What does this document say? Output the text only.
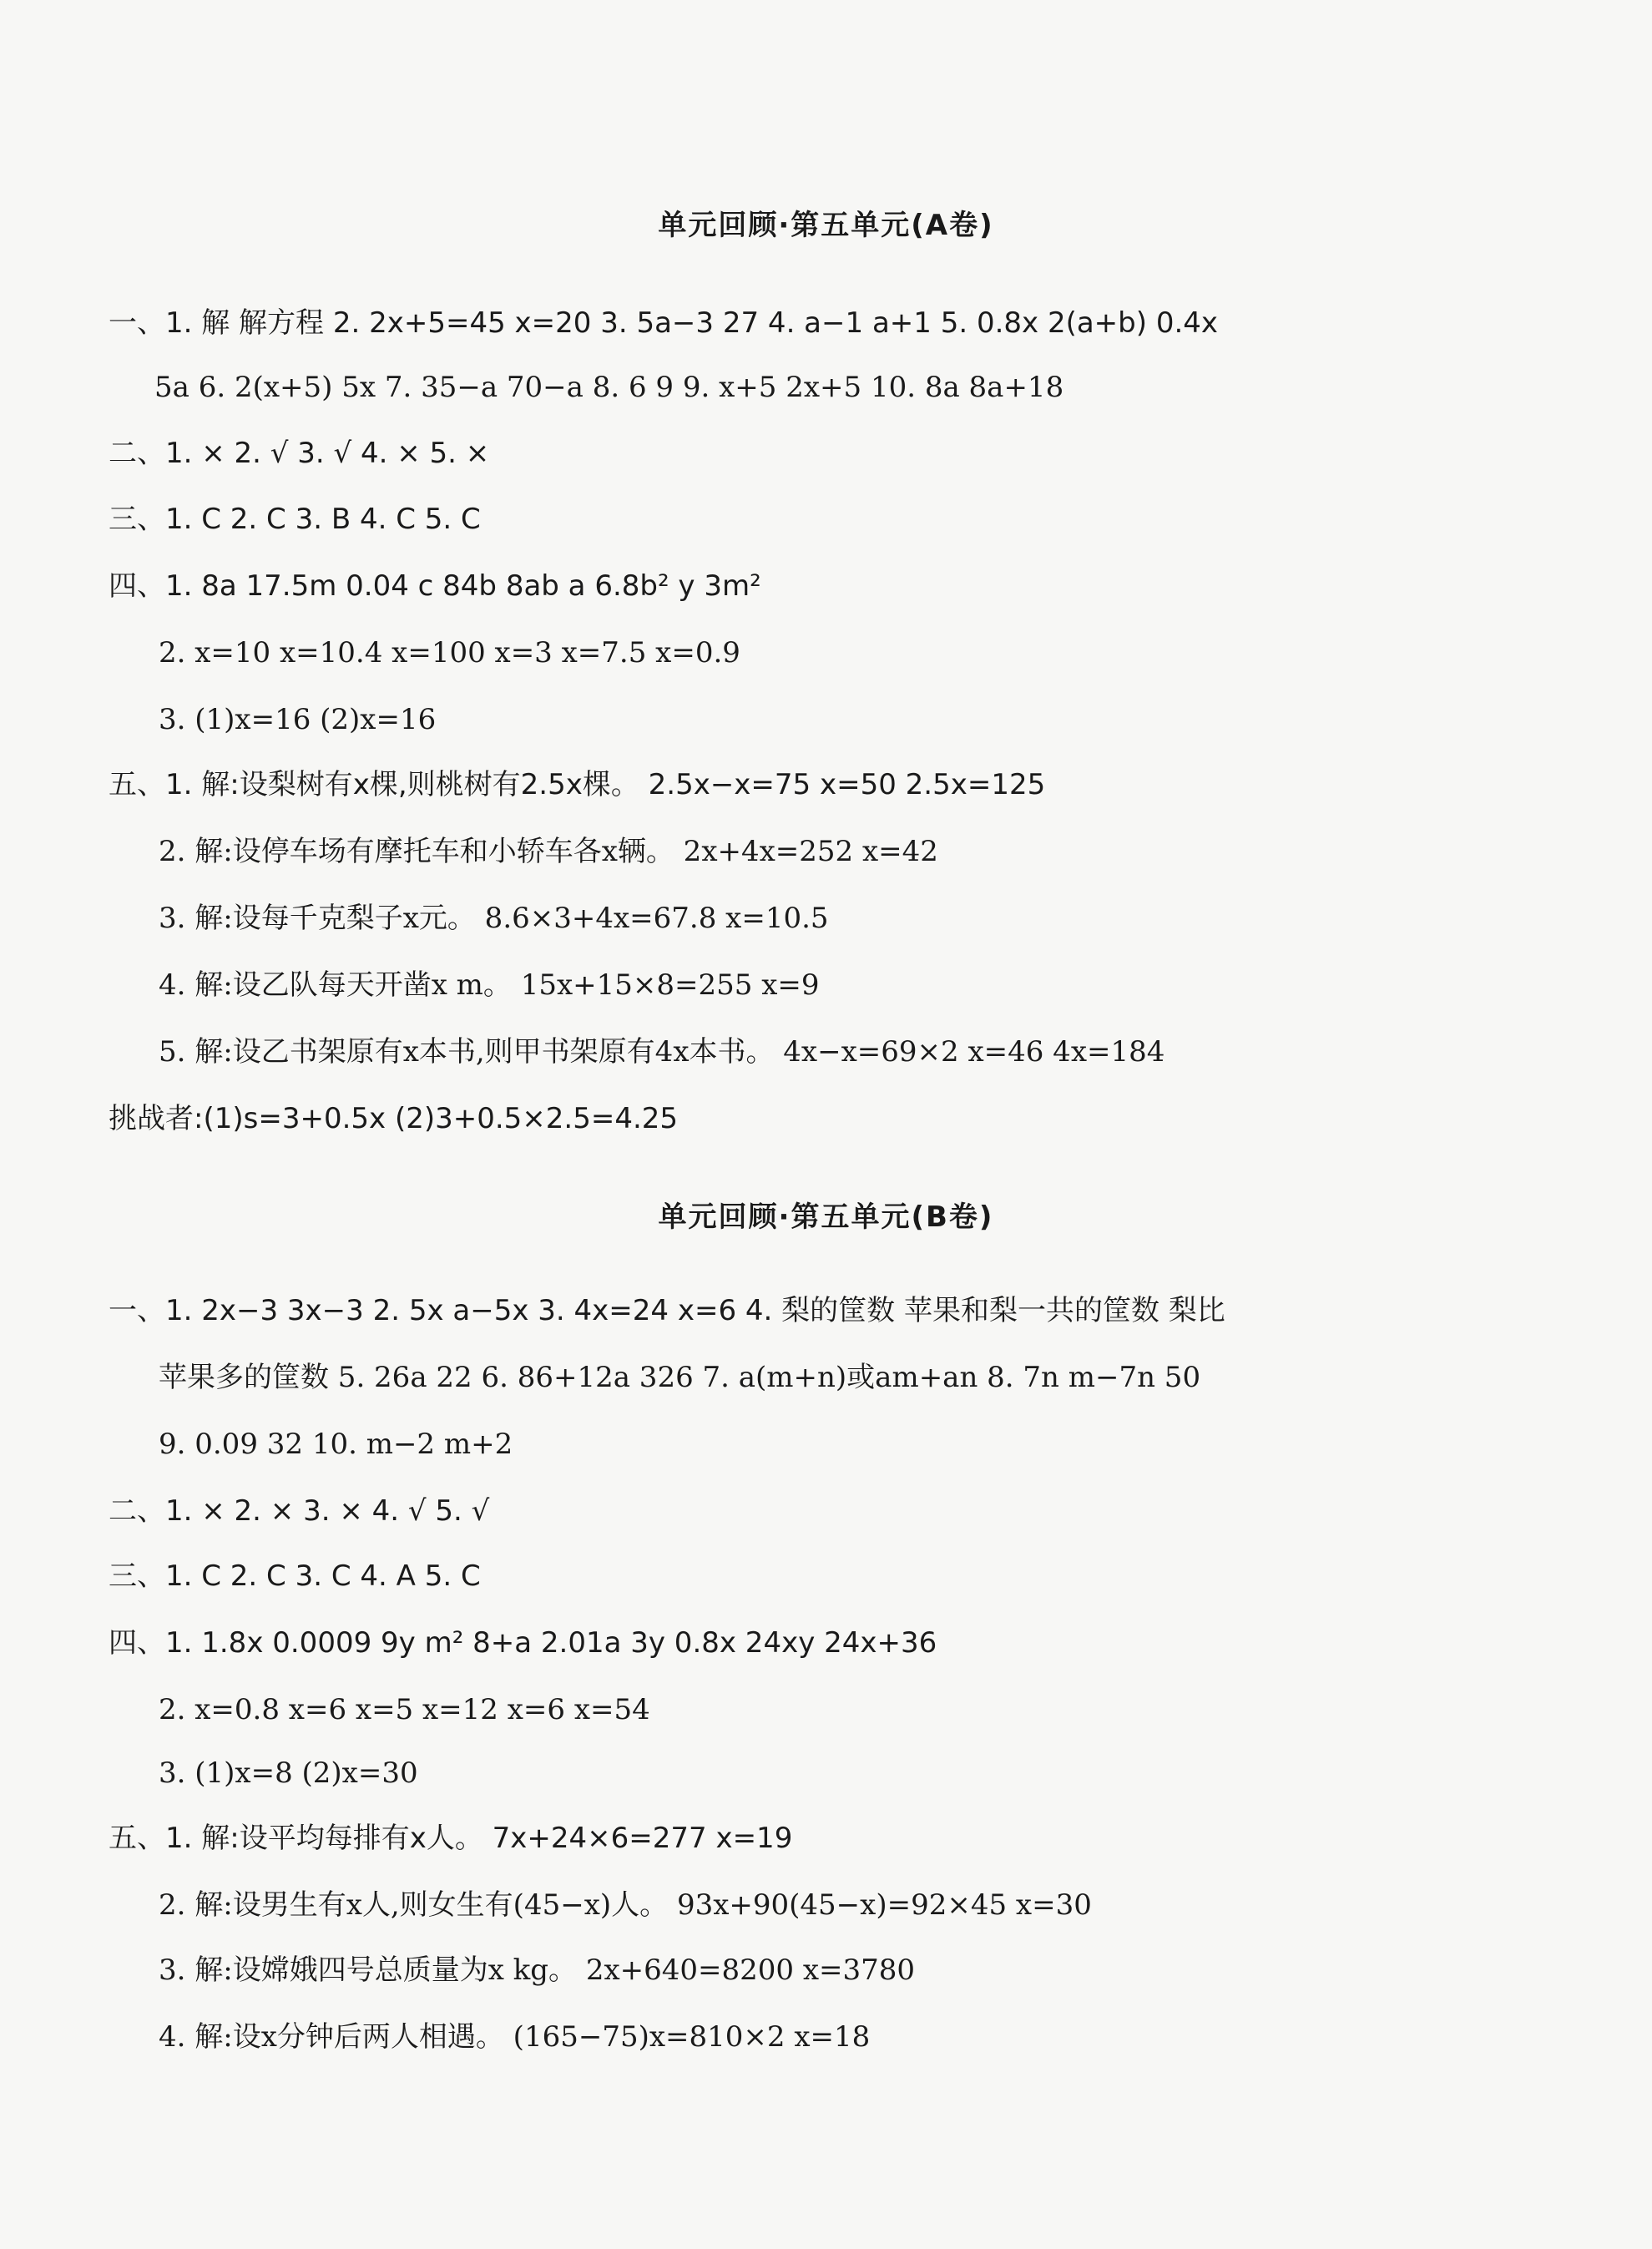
单元回顾·第五单元(A卷)
一、1. 解 解方程 2. 2x+5=45 x=20 3. 5a−3 27 4. a−1 a+1 5. 0.8x 2(a+b) 0.4x
5a 6. 2(x+5) 5x 7. 35−a 70−a 8. 6 9 9. x+5 2x+5 10. 8a 8a+18
二、1. × 2. √ 3. √ 4. × 5. ×
三、1. C 2. C 3. B 4. C 5. C
四、1. 8a 17.5m 0.04 c 84b 8ab a 6.8b² y 3m²
2. x=10 x=10.4 x=100 x=3 x=7.5 x=0.9
3. (1)x=16 (2)x=16
五、1. 解:设梨树有x棵,则桃树有2.5x棵。 2.5x−x=75 x=50 2.5x=125
2. 解:设停车场有摩托车和小轿车各x辆。 2x+4x=252 x=42
3. 解:设每千克梨子x元。 8.6×3+4x=67.8 x=10.5
4. 解:设乙队每天开凿x m。 15x+15×8=255 x=9
5. 解:设乙书架原有x本书,则甲书架原有4x本书。 4x−x=69×2 x=46 4x=184
挑战者:(1)s=3+0.5x (2)3+0.5×2.5=4.25
单元回顾·第五单元(B卷)
一、1. 2x−3 3x−3 2. 5x a−5x 3. 4x=24 x=6 4. 梨的筐数 苹果和梨一共的筐数 梨比
苹果多的筐数 5. 26a 22 6. 86+12a 326 7. a(m+n)或am+an 8. 7n m−7n 50
9. 0.09 32 10. m−2 m+2
二、1. × 2. × 3. × 4. √ 5. √
三、1. C 2. C 3. C 4. A 5. C
四、1. 1.8x 0.0009 9y m² 8+a 2.01a 3y 0.8x 24xy 24x+36
2. x=0.8 x=6 x=5 x=12 x=6 x=54
3. (1)x=8 (2)x=30
五、1. 解:设平均每排有x人。 7x+24×6=277 x=19
2. 解:设男生有x人,则女生有(45−x)人。 93x+90(45−x)=92×45 x=30
3. 解:设嫦娥四号总质量为x kg。 2x+640=8200 x=3780
4. 解:设x分钟后两人相遇。 (165−75)x=810×2 x=18
